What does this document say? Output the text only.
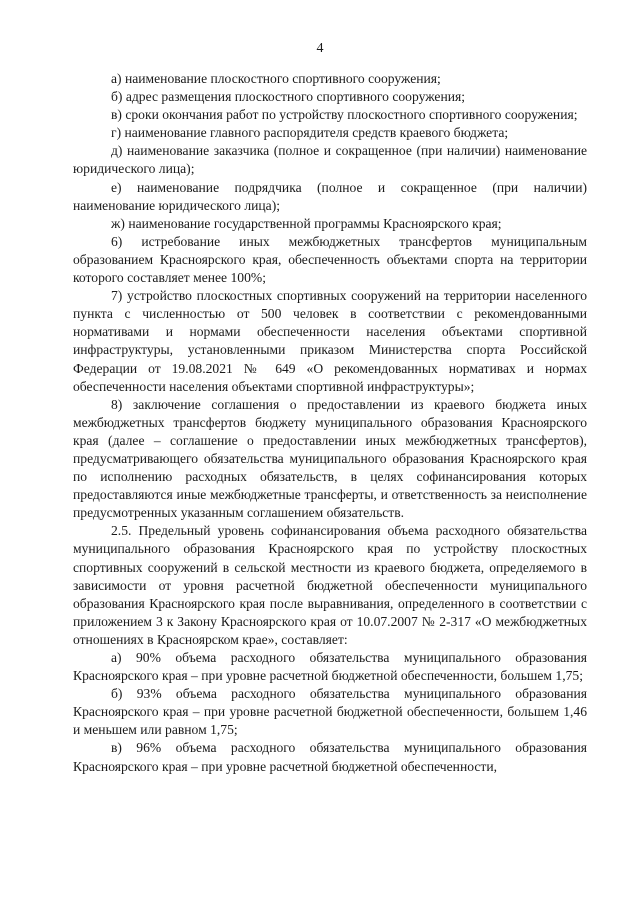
4

а) наименование плоскостного спортивного сооружения;

б) адрес размещения плоскостного спортивного сооружения;

в) сроки окончания работ по устройству плоскостного спортивного сооружения;

г) наименование главного распорядителя средств краевого бюджета;

д) наименование заказчика (полное и сокращенное (при наличии) наименование юридического лица);

е) наименование подрядчика (полное и сокращенное (при наличии) наименование юридического лица);

ж) наименование государственной программы Красноярского края;

6) истребование иных межбюджетных трансфертов муниципальным образованием Красноярского края, обеспеченность объектами спорта на территории которого составляет менее 100%;

7) устройство плоскостных спортивных сооружений на территории населенного пункта с численностью от 500 человек в соответствии с рекомендованными нормативами и нормами обеспеченности населения объектами спортивной инфраструктуры, установленными приказом Министерства спорта Российской Федерации от 19.08.2021 № 649 «О рекомендованных нормативах и нормах обеспеченности населения объектами спортивной инфраструктуры»;

8) заключение соглашения о предоставлении из краевого бюджета иных межбюджетных трансфертов бюджету муниципального образования Красноярского края (далее – соглашение о предоставлении иных межбюджетных трансфертов), предусматривающего обязательства муниципального образования Красноярского края по исполнению расходных обязательств, в целях софинансирования которых предоставляются иные межбюджетные трансферты, и ответственность за неисполнение предусмотренных указанным соглашением обязательств.

2.5. Предельный уровень софинансирования объема расходного обязательства муниципального образования Красноярского края по устройству плоскостных спортивных сооружений в сельской местности из краевого бюджета, определяемого в зависимости от уровня расчетной бюджетной обеспеченности муниципального образования Красноярского края после выравнивания, определенного в соответствии с приложением 3 к Закону Красноярского края от 10.07.2007 № 2-317 «О межбюджетных отношениях в Красноярском крае», составляет:

а) 90% объема расходного обязательства муниципального образования Красноярского края – при уровне расчетной бюджетной обеспеченности, большем 1,75;

б) 93% объема расходного обязательства муниципального образования Красноярского края – при уровне расчетной бюджетной обеспеченности, большем 1,46 и меньшем или равном 1,75;

в) 96% объема расходного обязательства муниципального образования Красноярского края – при уровне расчетной бюджетной обеспеченности,
